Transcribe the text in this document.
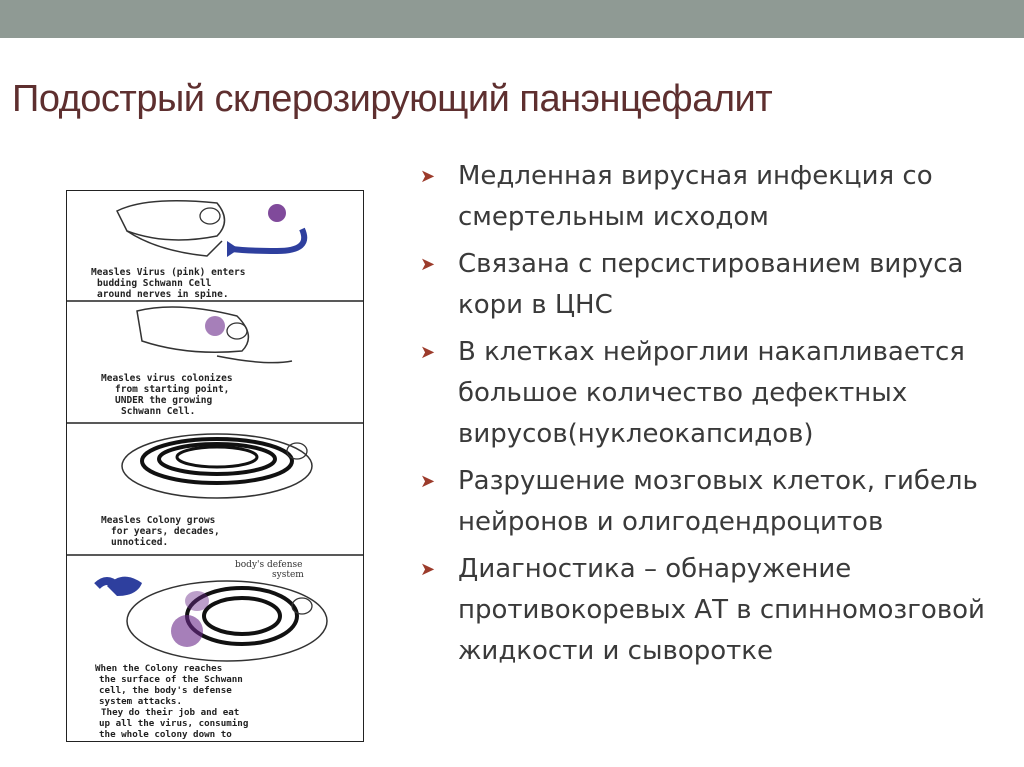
Подострый склерозирующий панэнцефалит
Measles Virus (pink) enters budding Schwann Cell around nerves in spine.
Measles virus colonizes from starting point, UNDER the growing Schwann Cell.
Measles Colony grows for years, decades, unnoticed.
body's defense system
When the Colony reaches the surface of the Schwann cell, the body's defense system attacks. They do their job and eat up all the virus, consuming the whole colony down to
➤ Медленная вирусная инфекция со смертельным исходом
➤ Связана с персистированием вируса кори в ЦНС
➤ В клетках нейроглии накапливается большое количество дефектных вирусов(нуклеокапсидов)
➤ Разрушение мозговых клеток, гибель нейронов и олигодендроцитов
➤ Диагностика – обнаружение противокоревых АТ в спинномозговой жидкости и сыворотке
